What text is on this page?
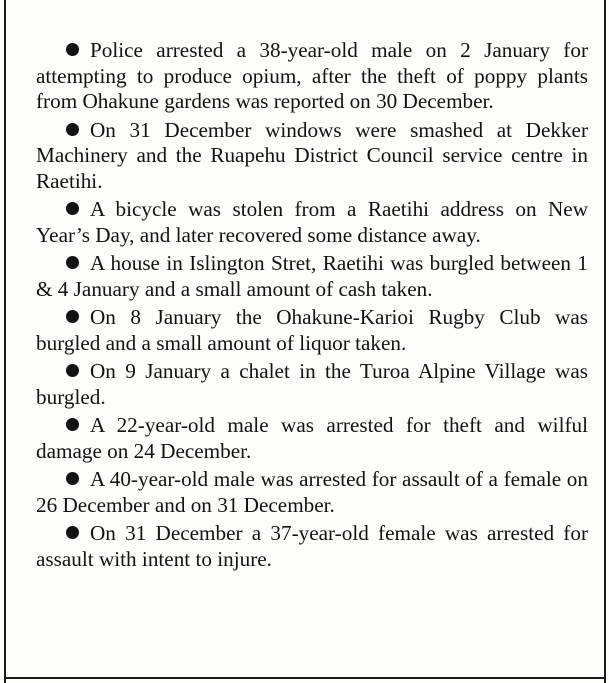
Police arrested a 38-year-old male on 2 January for attempting to produce opium, after the theft of poppy plants from Ohakune gardens was reported on 30 December.

On 31 December windows were smashed at Dekker Machinery and the Ruapehu District Council service centre in Raetihi.

A bicycle was stolen from a Raetihi address on New Year’s Day, and later recovered some distance away.

A house in Islington Stret, Raetihi was burgled between 1 & 4 January and a small amount of cash taken.

On 8 January the Ohakune-Karioi Rugby Club was burgled and a small amount of liquor taken.

On 9 January a chalet in the Turoa Alpine Village was burgled.

A 22-year-old male was arrested for theft and wilful damage on 24 December.

A 40-year-old male was arrested for assault of a female on 26 December and on 31 December.

On 31 December a 37-year-old female was arrested for assault with intent to injure.
